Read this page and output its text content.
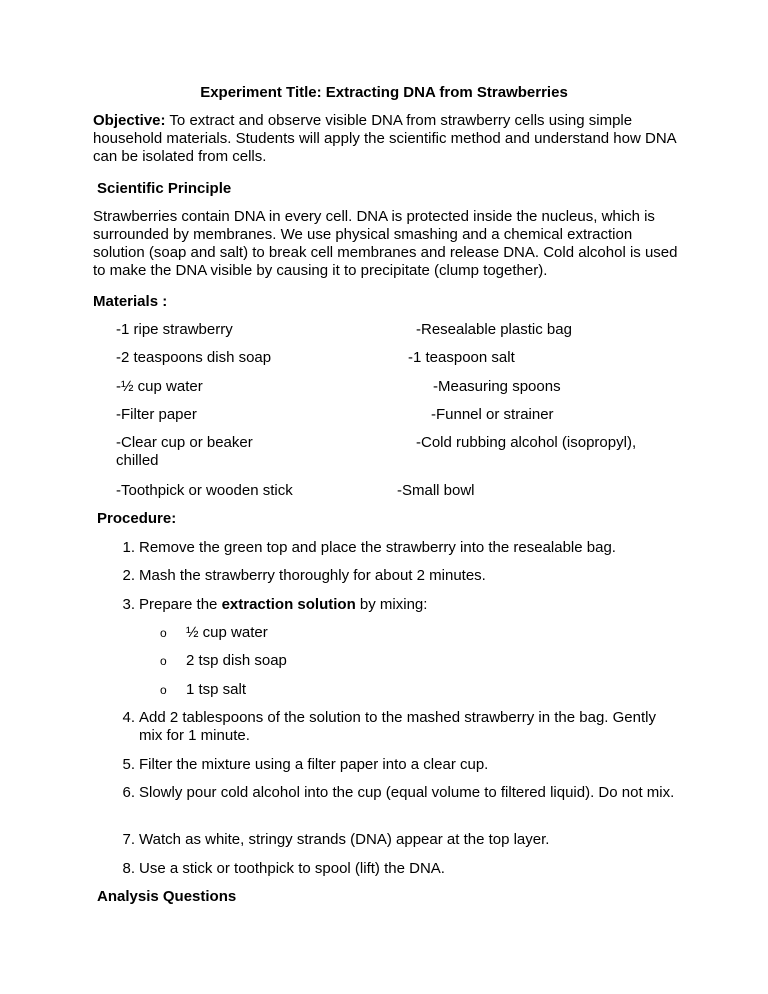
Experiment Title: Extracting DNA from Strawberries
Objective: To extract and observe visible DNA from strawberry cells using simple household materials. Students will apply the scientific method and understand how DNA can be isolated from cells.
Scientific Principle
Strawberries contain DNA in every cell. DNA is protected inside the nucleus, which is surrounded by membranes. We use physical smashing and a chemical extraction solution (soap and salt) to break cell membranes and release DNA. Cold alcohol is used to make the DNA visible by causing it to precipitate (clump together).
Materials :
-1 ripe strawberry
-2 teaspoons dish soap
-½ cup water
-Filter paper
-Clear cup or beaker
chilled
-Toothpick or wooden stick
-Resealable plastic bag
-1 teaspoon salt
-Measuring spoons
-Funnel or strainer
-Cold rubbing alcohol (isopropyl),
-Small bowl
Procedure:
1. Remove the green top and place the strawberry into the resealable bag.
2. Mash the strawberry thoroughly for about 2 minutes.
3. Prepare the extraction solution by mixing:
o ½ cup water
o 2 tsp dish soap
o 1 tsp salt
4. Add 2 tablespoons of the solution to the mashed strawberry in the bag. Gently mix for 1 minute.
5. Filter the mixture using a filter paper into a clear cup.
6. Slowly pour cold alcohol into the cup (equal volume to filtered liquid). Do not mix.
7. Watch as white, stringy strands (DNA) appear at the top layer.
8. Use a stick or toothpick to spool (lift) the DNA.
Analysis Questions
